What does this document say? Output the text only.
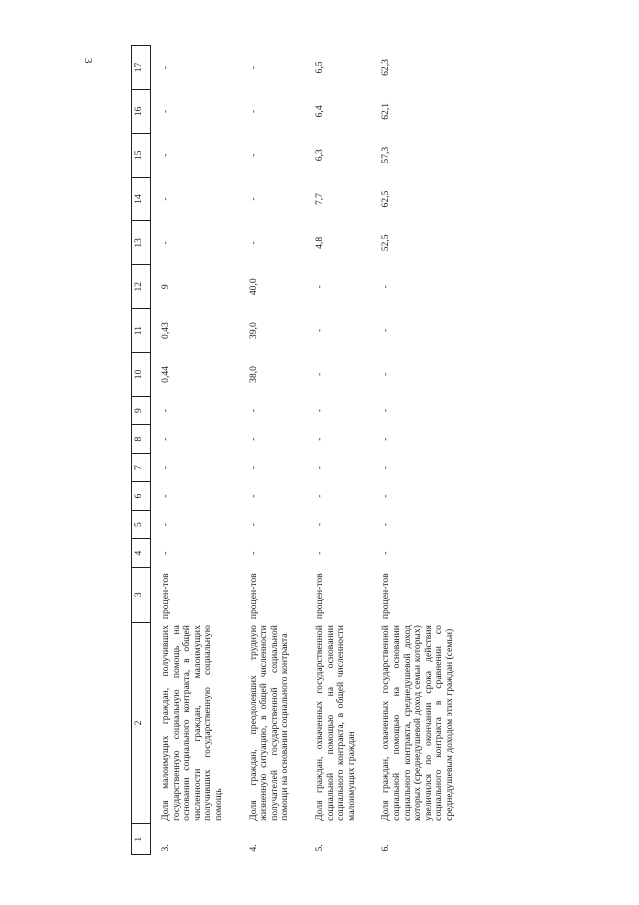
3
1	2	3	4	5	6	7	8	9	10	11	12	13	14	15	16	17
3.	Доля малоимущих граждан, получивших государственную социальную помощь на основании социального контракта, в общей численности граждан, малоимущих получивших государственную социальную помощь	процен-тов	-	-	-	-	-	-	0,44	0,43	9	-	-	-	-	-
4.	Доля граждан, преодолевших трудную жизненную ситуацию, в общей численности получателей государственной социальной помощи на основании социального контракта	процен-тов	-	-	-	-	-	-	38,0	39,0	40,0	-	-	-	-	-
5.	Доля граждан, охваченных государственной социальной помощью на основании социального контракта, в общей численности малоимущих граждан	процен-тов	-	-	-	-	-	-	-	-	-	4,8	7,7	6,3	6,4	6,5
6.	Доля граждан, охваченных государственной социальной помощью на основании социального контракта, среднедушевой доход которых (среднедушевой доход семьи которых) увеличился по окончании срока действия социального контракта в сравнении со среднедушевым доходом этих граждан (семьи)	процен-тов	-	-	-	-	-	-	-	-	-	52,5	62,5	57,3	62,1	62,3
